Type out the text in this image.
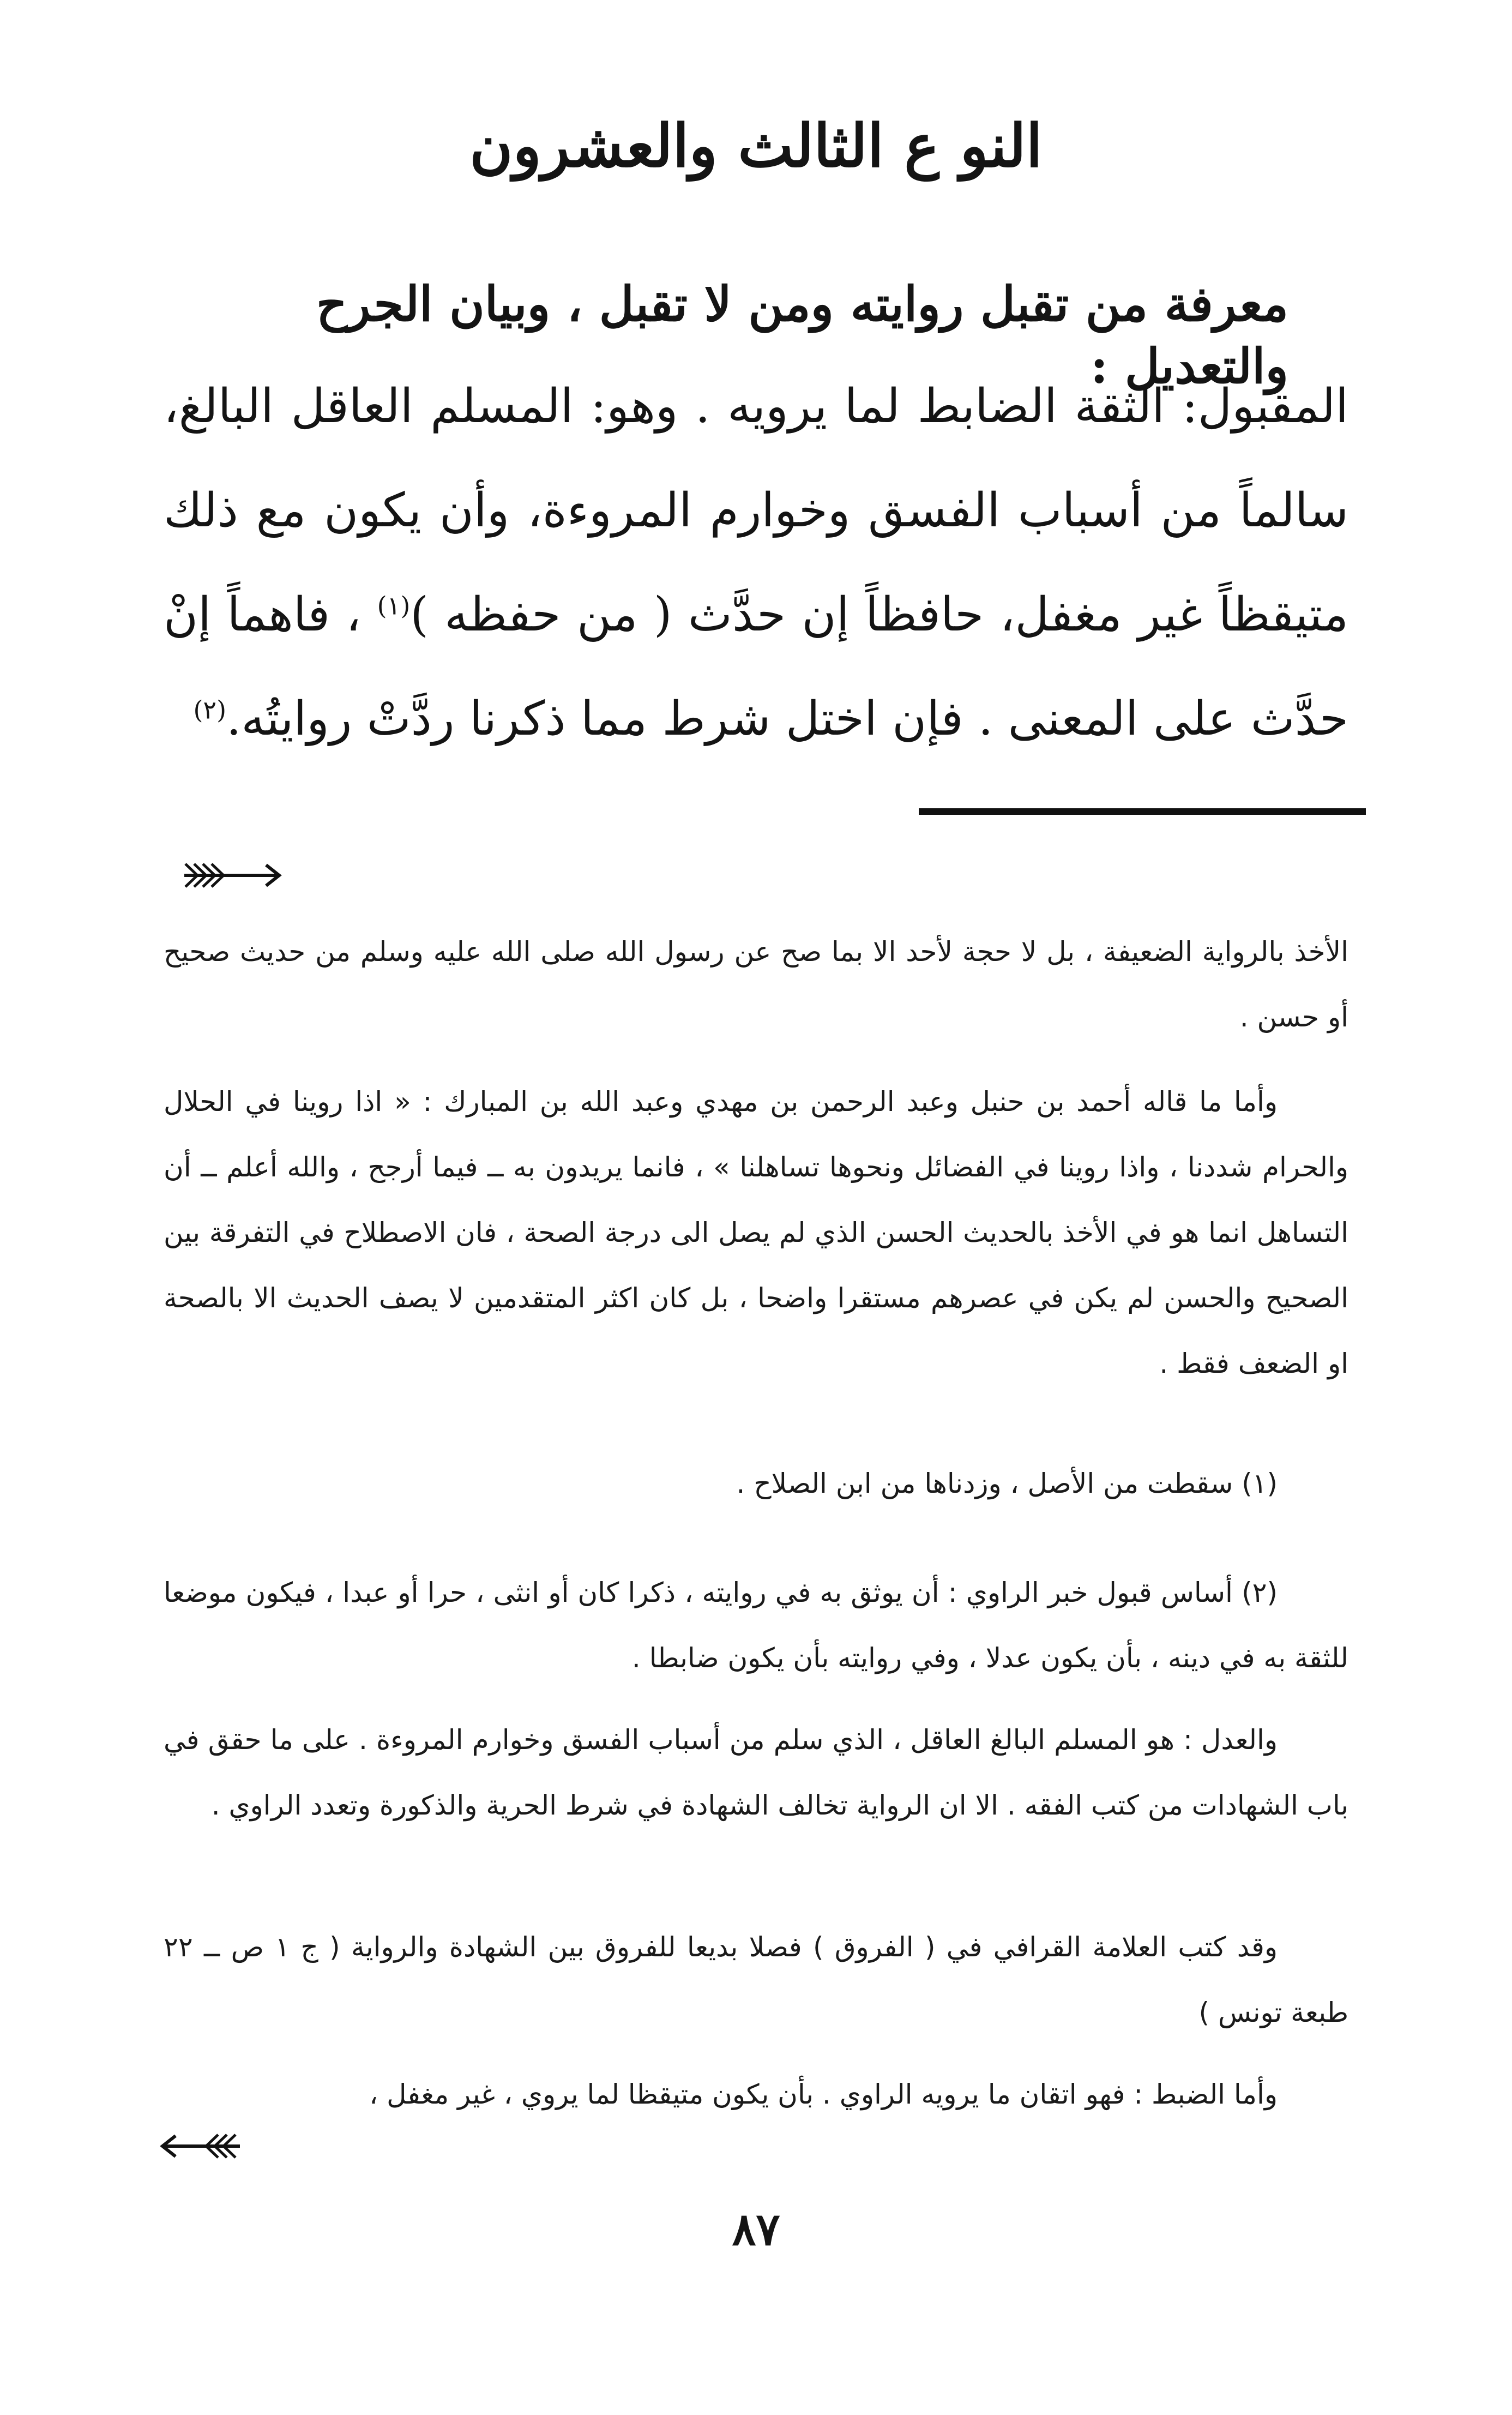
النو ع الثالث والعشرون
معرفة من تقبل روايته ومن لا تقبل ، وبيان الجرح والتعديل :

المقبول: الثقة الضابط لما يرويه . وهو: المسلم العاقل البالغ، سالماً من أسباب الفسق وخوارم المروءة، وأن يكون مع ذلك متيقظاً غير مغفل، حافظاً إن حدَّث ( من حفظه )$^{(١)}$ ، فاهماً إنْ حدَّث على المعنى . فإن اختل شرط مما ذكرنا ردَّتْ روايتُه.$^{(٢)}$

الأخذ بالرواية الضعيفة ، بل لا حجة لأحد الا بما صح عن رسول الله صلى الله عليه وسلم من حديث صحيح أو حسن .

وأما ما قاله أحمد بن حنبل وعبد الرحمن بن مهدي وعبد الله بن المبارك : « اذا روينا في الحلال والحرام شددنا ، واذا روينا في الفضائل ونحوها تساهلنا » ، فانما يريدون به ــ فيما أرجح ، والله أعلم ــ أن التساهل انما هو في الأخذ بالحديث الحسن الذي لم يصل الى درجة الصحة ، فان الاصطلاح في التفرقة بين الصحيح والحسن لم يكن في عصرهم مستقرا واضحا ، بل كان اكثر المتقدمين لا يصف الحديث الا بالصحة او الضعف فقط .

(١) سقطت من الأصل ، وزدناها من ابن الصلاح .

(٢) أساس قبول خبر الراوي : أن يوثق به في روايته ، ذكرا كان أو انثى ، حرا أو عبدا ، فيكون موضعا للثقة به في دينه ، بأن يكون عدلا ، وفي روايته بأن يكون ضابطا .

والعدل : هو المسلم البالغ العاقل ، الذي سلم من أسباب الفسق وخوارم المروءة . على ما حقق في باب الشهادات من كتب الفقه . الا ان الرواية تخالف الشهادة في شرط الحرية والذكورة وتعدد الراوي .

وقد كتب العلامة القرافي في ( الفروق ) فصلا بديعا للفروق بين الشهادة والرواية ( ج ١ ص ــ ٢٢ طبعة تونس )

وأما الضبط : فهو اتقان ما يرويه الراوي . بأن يكون متيقظا لما يروي ، غير مغفل ،

٨٧
